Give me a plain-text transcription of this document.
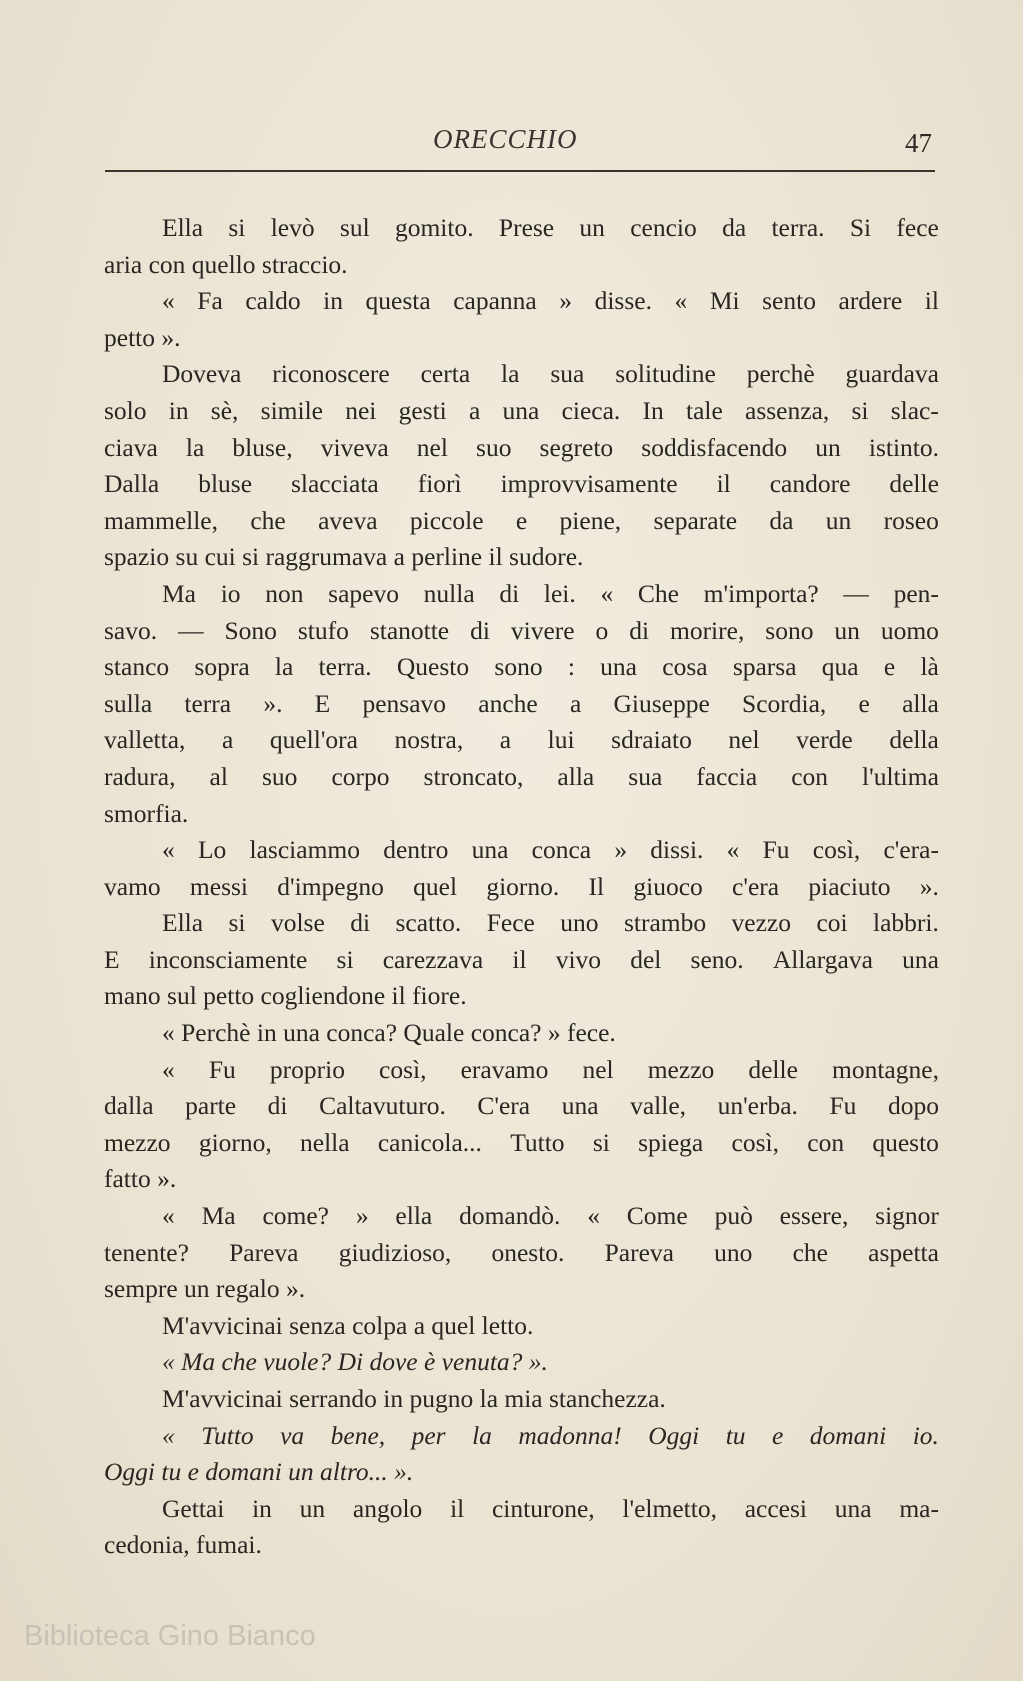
ORECCHIO	47
Ella si levò sul gomito. Prese un cencio da terra. Si fece
aria con quello straccio.
« Fa caldo in questa capanna » disse. « Mi sento ardere il
petto ».
Doveva riconoscere certa la sua solitudine perchè guardava
solo in sè, simile nei gesti a una cieca. In tale assenza, si slac-
ciava la bluse, viveva nel suo segreto soddisfacendo un istinto.
Dalla bluse slacciata fiorì improvvisamente il candore delle
mammelle, che aveva piccole e piene, separate da un roseo
spazio su cui si raggrumava a perline il sudore.
Ma io non sapevo nulla di lei. « Che m'importa? — pen-
savo. — Sono stufo stanotte di vivere o di morire, sono un uomo
stanco sopra la terra. Questo sono : una cosa sparsa qua e là
sulla terra ». E pensavo anche a Giuseppe Scordia, e alla
valletta, a quell'ora nostra, a lui sdraiato nel verde della
radura, al suo corpo stroncato, alla sua faccia con l'ultima
smorfia.
« Lo lasciammo dentro una conca » dissi. « Fu così, c'era-
vamo messi d'impegno quel giorno. Il giuoco c'era piaciuto ».
Ella si volse di scatto. Fece uno strambo vezzo coi labbri.
E inconsciamente si carezzava il vivo del seno. Allargava una
mano sul petto cogliendone il fiore.
« Perchè in una conca? Quale conca? » fece.
« Fu proprio così, eravamo nel mezzo delle montagne,
dalla parte di Caltavuturo. C'era una valle, un'erba. Fu dopo
mezzo giorno, nella canicola... Tutto si spiega così, con questo
fatto ».
« Ma come? » ella domandò. « Come può essere, signor
tenente? Pareva giudizioso, onesto. Pareva uno che aspetta
sempre un regalo ».
M'avvicinai senza colpa a quel letto.
« Ma che vuole? Di dove è venuta? ».
M'avvicinai serrando in pugno la mia stanchezza.
« Tutto va bene, per la madonna! Oggi tu e domani io.
Oggi tu e domani un altro... ».
Gettai in un angolo il cinturone, l'elmetto, accesi una ma-
cedonia, fumai.
Biblioteca Gino Bianco
